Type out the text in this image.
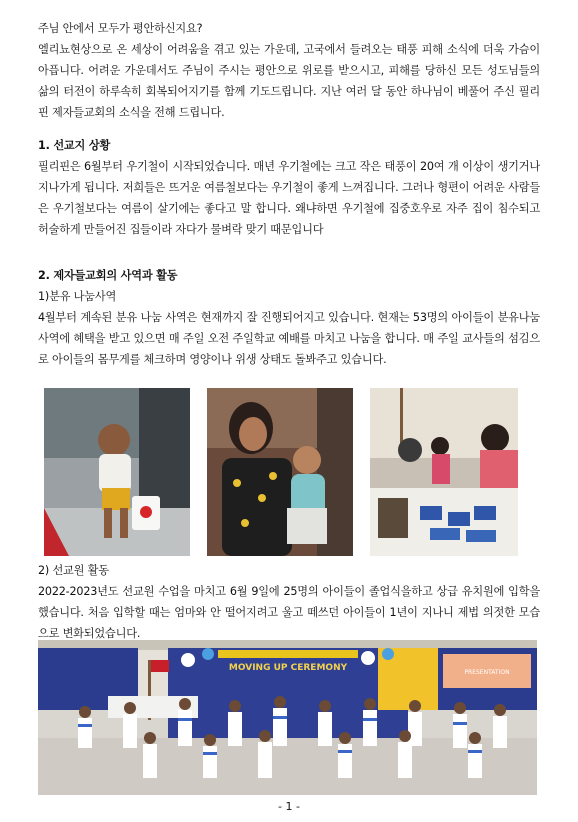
주님 안에서 모두가 평안하신지요?

엘리뇨현상으로 온 세상이 어려움을 겪고 있는 가운데, 고국에서 들려오는 태풍 피해 소식에 더욱 가슴이 아픕니다. 어려운 가운데서도 주님이 주시는 평안으로 위로를 받으시고, 피해를 당하신 모든 성도님들의 삶의 터전이 하루속히 회복되어지기를 함께 기도드립니다. 지난 여러 달 동안 하나님이 베풀어 주신 필리핀 제자들교회의 소식을 전해 드립니다.

1. 선교지 상황

필리핀은 6월부터 우기철이 시작되었습니다. 매년 우기철에는 크고 작은 태풍이 20여 개 이상이 생기거나 지나가게 됩니다. 저희들은 뜨거운 여름철보다는 우기철이 좋게 느껴집니다. 그러나 형편이 어려운 사람들은 우기철보다는 여름이 살기에는 좋다고 말 합니다. 왜냐하면 우기철에 집중호우로 자주 집이 침수되고 허술하게 만들어진 집들이라 자다가 물벼락 맞기 때문입니다

2. 제자들교회의 사역과 활동

1)분유 나눔사역

4월부터 계속된 분유 나눔 사역은 현재까지 잘 진행되어지고 있습니다. 현재는 53명의 아이들이 분유나눔 사역에 혜택을 받고 있으면 매 주일 오전 주일학교 예배를 마치고 나눔을 합니다. 매 주일 교사들의 섬김으로 아이들의 몸무게를 체크하며 영양이나 위생 상태도 돌봐주고 있습니다.

2) 선교원 활동

2022-2023년도 선교원 수업을 마치고 6월 9일에 25명의 아이들이 졸업식을하고 상급 유치원에 입학을 했습니다. 처음 입학할 때는 엄마와 안 떨어지려고 울고 떼쓰던 아이들이 1년이 지나니 제법 의젓한 모습으로 변화되었습니다.

PRESENTATION
MOVING UP CEREMONY
- 1 -
